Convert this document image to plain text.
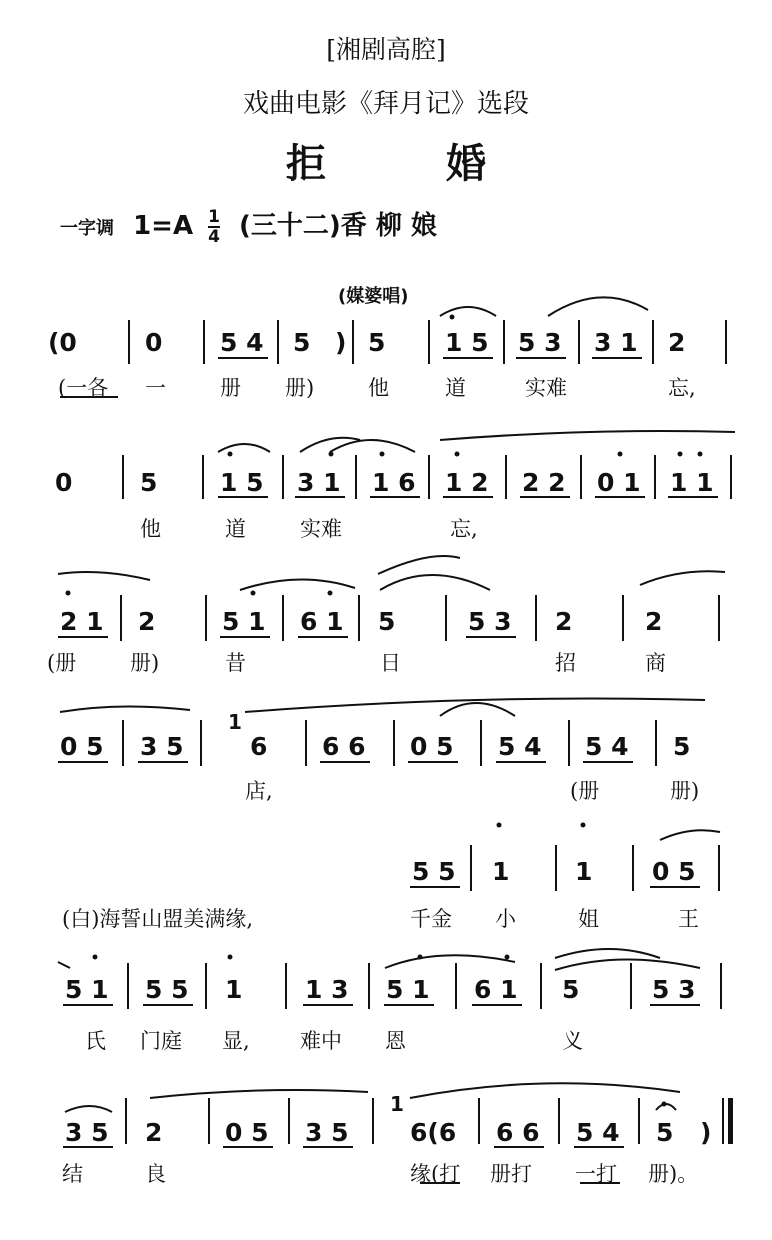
[湘剧高腔]
戏曲电影《拜月记》选段
拒婚
一字调 $1=A \frac{1}{4}$ (三十二)香 柳 娘
(媒婆唱)
(0	0 5 4 5 ) 5 1 5 5 3 3 1 2
(一各 一	册 册)	他	道	实难	忘,
0	5	1 5 3 1 1 6 1 2 2 2 0 1 1 1
他	道	实难	忘,
2 1 2	5 1 6 1 5	5 3 2	2
(册	册)	昔	日	招	商
0 5 3 5
1
6 6 6 0 5 5 4 5 4 5
店,	(册	册)
5 5 1	1 0 5
(白)海誓山盟美满缘,	千金 小	姐	王
5 1 5 5 1	1 3 5 1 6 1 5	5 3
氏 门庭 显, 难中 恩	义
3 5 2	0 5 3 5
1
6(6 6 6 5 4 5 )
结	良	缘(打 册打 一打 册)。
